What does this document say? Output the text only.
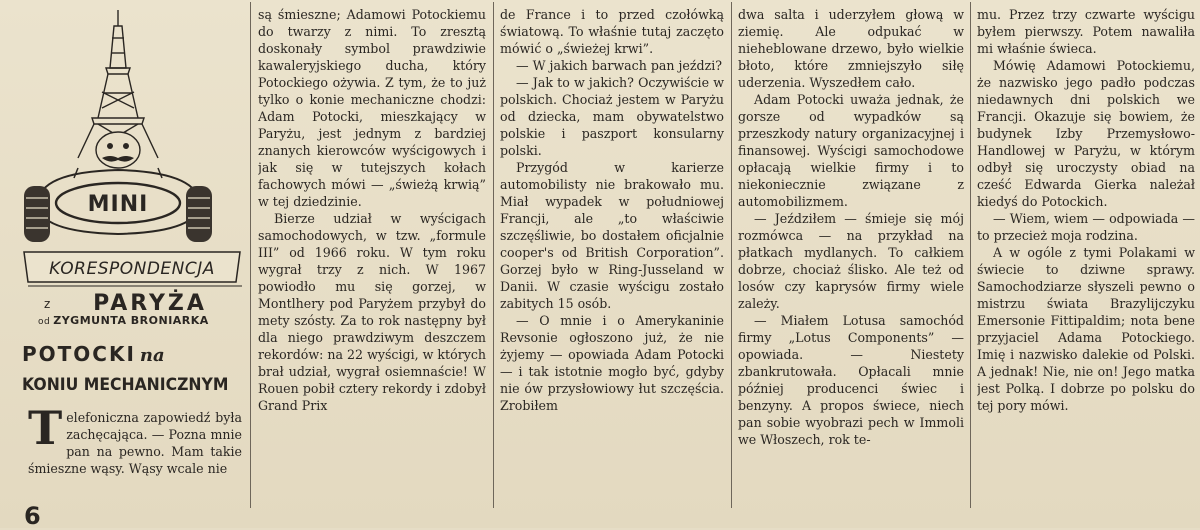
MINI
KORESPONDENCJA
z PARYŻA
od ZYGMUNTA BRONIARKA
POTOCKI na
KONIU MECHANICZNYM

Telefoniczna zapowiedź była zachęcająca. — Pozna mnie pan na pewno. Mam takie śmieszne wąsy. Wąsy wcale nie

6

są śmieszne; Adamowi Potockiemu do twarzy z nimi. To zresztą doskonały symbol prawdziwie kawaleryjskiego ducha, który Potockiego ożywia. Z tym, że to już tylko o konie mechaniczne chodzi: Adam Potocki, mieszkający w Paryżu, jest jednym z bardziej znanych kierowców wyścigowych i jak się w tutejszych kołach fachowych mówi — „świeżą krwią” w tej dziedzinie.

Bierze udział w wyścigach samochodowych, w tzw. „formule III” od 1966 roku. W tym roku wygrał trzy z nich. W 1967 powiodło mu się gorzej, w Montlhery pod Paryżem przybył do mety szósty. Za to rok następny był dla niego prawdziwym deszczem rekordów: na 22 wyścigi, w których brał udział, wygrał osiemnaście! W Rouen pobił cztery rekordy i zdobył Grand Prix

de France i to przed czołówką światową. To właśnie tutaj zaczęto mówić o „świeżej krwi”.

— W jakich barwach pan jeździ?

— Jak to w jakich? Oczywiście w polskich. Chociaż jestem w Paryżu od dziecka, mam obywatelstwo polskie i paszport konsularny polski.

Przygód w karierze automobilisty nie brakowało mu. Miał wypadek w południowej Francji, ale „to właściwie szczęśliwie, bo dostałem oficjalnie cooper's od British Corporation”. Gorzej było w Ring-Jusseland w Danii. W czasie wyścigu zostało zabitych 15 osób.

— O mnie i o Amerykaninie Revsonie ogłoszono już, że nie żyjemy — opowiada Adam Potocki — i tak istotnie mogło być, gdyby nie ów przysłowiowy łut szczęścia. Zrobiłem

dwa salta i uderzyłem głową w ziemię. Ale odpukać w nieheblowane drzewo, było wielkie błoto, które zmniejszyło siłę uderzenia. Wyszedłem cało.

Adam Potocki uważa jednak, że gorsze od wypadków są przeszkody natury organizacyjnej i finansowej. Wyścigi samochodowe opłacają wielkie firmy i to niekoniecznie związane z automobilizmem.

— Jeździłem — śmieje się mój rozmówca — na przykład na płatkach mydlanych. To całkiem dobrze, chociaż ślisko. Ale też od losów czy kaprysów firmy wiele zależy.

— Miałem Lotusa samochód firmy „Lotus Components” — opowiada. — Niestety zbankrutowała. Opłacali mnie później producenci świec i benzyny. A propos świece, niech pan sobie wyobrazi pech w Immoli we Włoszech, rok te-

mu. Przez trzy czwarte wyścigu byłem pierwszy. Potem nawaliła mi właśnie świeca.

Mówię Adamowi Potockiemu, że nazwisko jego padło podczas niedawnych dni polskich we Francji. Okazuje się bowiem, że budynek Izby Przemysłowo-Handlowej w Paryżu, w którym odbył się uroczysty obiad na cześć Edwarda Gierka należał kiedyś do Potockich.

— Wiem, wiem — odpowiada — to przecież moja rodzina.

A w ogóle z tymi Polakami w świecie to dziwne sprawy. Samochodziarze słyszeli pewno o mistrzu świata Brazylijczyku Emersonie Fittipaldim; nota bene przyjaciel Adama Potockiego. Imię i nazwisko dalekie od Polski. A jednak! Nie, nie on! Jego matka jest Polką. I dobrze po polsku do tej pory mówi.
